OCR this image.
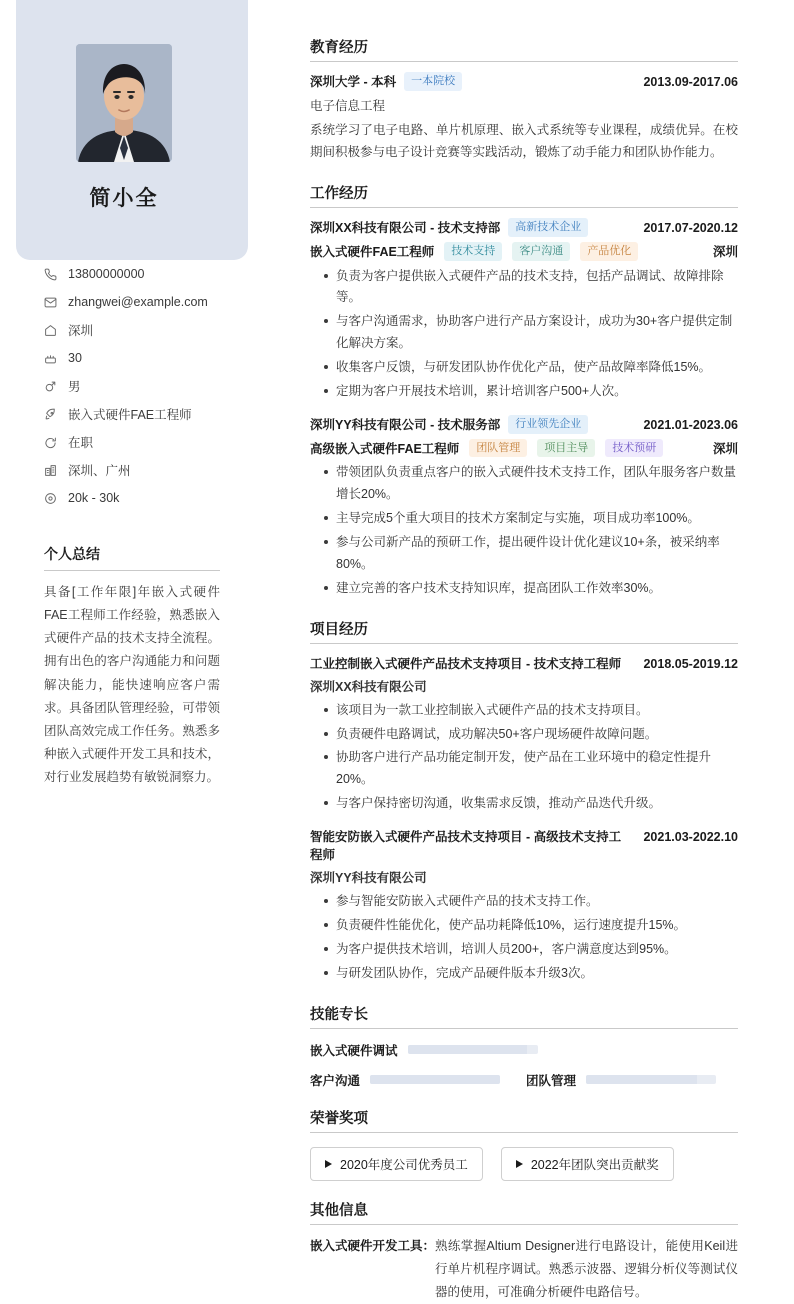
简小全
13800000000
zhangwei@example.com
深圳
30
男
嵌入式硬件FAE工程师
在职
深圳、广州
20k - 30k
个人总结

具备[工作年限]年嵌入式硬件FAE工程师工作经验，熟悉嵌入式硬件产品的技术支持全流程。拥有出色的客户沟通能力和问题解决能力，能快速响应客户需求。具备团队管理经验，可带领团队高效完成工作任务。熟悉多种嵌入式硬件开发工具和技术，对行业发展趋势有敏锐洞察力。

教育经历
深圳大学 - 本科	一本院校	2013.09-2017.06
电子信息工程
系统学习了电子电路、单片机原理、嵌入式系统等专业课程，成绩优异。在校期间积极参与电子设计竞赛等实践活动，锻炼了动手能力和团队协作能力。
工作经历
深圳XX科技有限公司 - 技术支持部	高新技术企业	2017.07-2020.12
嵌入式硬件FAE工程师	技术支持	客户沟通	产品优化	深圳
负责为客户提供嵌入式硬件产品的技术支持，包括产品调试、故障排除等。
与客户沟通需求，协助客户进行产品方案设计，成功为30+客户提供定制化解决方案。
收集客户反馈，与研发团队协作优化产品，使产品故障率降低15%。
定期为客户开展技术培训，累计培训客户500+人次。
深圳YY科技有限公司 - 技术服务部	行业领先企业	2021.01-2023.06
高级嵌入式硬件FAE工程师	团队管理	项目主导	技术预研	深圳
带领团队负责重点客户的嵌入式硬件技术支持工作，团队年服务客户数量增长20%。
主导完成5个重大项目的技术方案制定与实施，项目成功率100%。
参与公司新产品的预研工作，提出硬件设计优化建议10+条，被采纳率80%。
建立完善的客户技术支持知识库，提高团队工作效率30%。
项目经历
工业控制嵌入式硬件产品技术支持项目 - 技术支持工程师	2018.05-2019.12
深圳XX科技有限公司
该项目为一款工业控制嵌入式硬件产品的技术支持项目。
负责硬件电路调试，成功解决50+客户现场硬件故障问题。
协助客户进行产品功能定制开发，使产品在工业环境中的稳定性提升20%。
与客户保持密切沟通，收集需求反馈，推动产品迭代升级。
智能安防嵌入式硬件产品技术支持项目 - 高级技术支持工程师
2021.03-2022.10
深圳YY科技有限公司
参与智能安防嵌入式硬件产品的技术支持工作。
负责硬件性能优化，使产品功耗降低10%，运行速度提升15%。
为客户提供技术培训，培训人员200+，客户满意度达到95%。
与研发团队协作，完成产品硬件版本升级3次。
技能专长
嵌入式硬件调试
客户沟通	团队管理
荣誉奖项
2020年度公司优秀员工	2022年团队突出贡献奖
其他信息
嵌入式硬件开发工具： 熟练掌握Altium Designer进行电路设计，能使用Keil进行单片机程序调试。熟悉示波器、逻辑分析仪等测试仪器的使用，可准确分析硬件电路信号。
